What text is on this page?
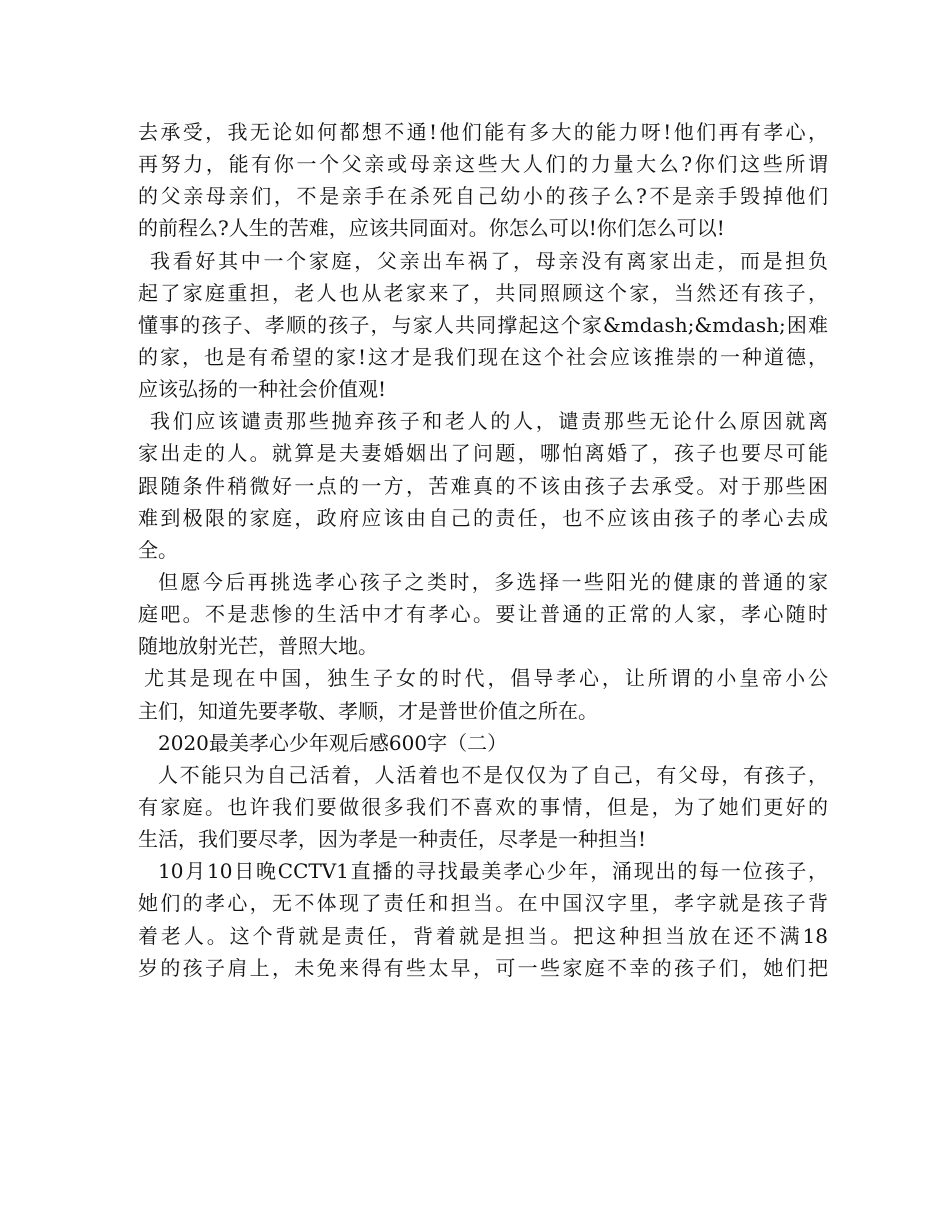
去承受，我无论如何都想不通!他们能有多大的能力呀!他们再有孝心，
再努力，能有你一个父亲或母亲这些大人们的力量大么?你们这些所谓
的父亲母亲们，不是亲手在杀死自己幼小的孩子么?不是亲手毁掉他们
的前程么?人生的苦难，应该共同面对。你怎么可以!你们怎么可以!
我看好其中一个家庭，父亲出车祸了，母亲没有离家出走，而是担负
起了家庭重担，老人也从老家来了，共同照顾这个家，当然还有孩子，
懂事的孩子、孝顺的孩子，与家人共同撑起这个家&mdash;&mdash;困难
的家，也是有希望的家!这才是我们现在这个社会应该推崇的一种道德，
应该弘扬的一种社会价值观!
我们应该谴责那些抛弃孩子和老人的人，谴责那些无论什么原因就离
家出走的人。就算是夫妻婚姻出了问题，哪怕离婚了，孩子也要尽可能
跟随条件稍微好一点的一方，苦难真的不该由孩子去承受。对于那些困
难到极限的家庭，政府应该由自己的责任，也不应该由孩子的孝心去成
全。
但愿今后再挑选孝心孩子之类时，多选择一些阳光的健康的普通的家
庭吧。不是悲惨的生活中才有孝心。要让普通的正常的人家，孝心随时
随地放射光芒，普照大地。
尤其是现在中国，独生子女的时代，倡导孝心，让所谓的小皇帝小公
主们，知道先要孝敬、孝顺，才是普世价值之所在。
2020最美孝心少年观后感600字（二）
人不能只为自己活着，人活着也不是仅仅为了自己，有父母，有孩子，
有家庭。也许我们要做很多我们不喜欢的事情，但是，为了她们更好的
生活，我们要尽孝，因为孝是一种责任，尽孝是一种担当!
10月10日晚CCTV1直播的寻找最美孝心少年，涌现出的每一位孩子，
她们的孝心，无不体现了责任和担当。在中国汉字里，孝字就是孩子背
着老人。这个背就是责任，背着就是担当。把这种担当放在还不满18
岁的孩子肩上，未免来得有些太早，可一些家庭不幸的孩子们，她们把
